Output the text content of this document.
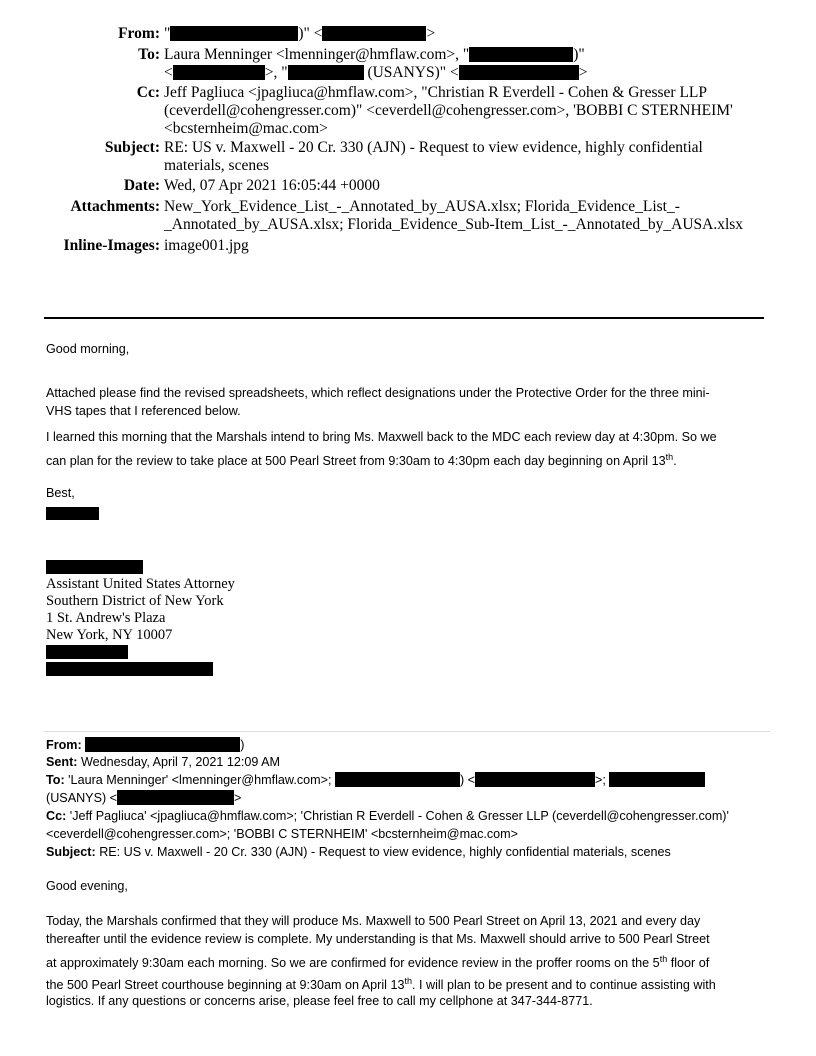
From: "	)" <	>
To: Laura Menninger <lmenninger@hmflaw.com>, "	)"
<	>, "	(USANYS)" <	>
Cc: Jeff Pagliuca <jpagliuca@hmflaw.com>, "Christian R Everdell - Cohen & Gresser LLP
(ceverdell@cohengresser.com)" <ceverdell@cohengresser.com>, 'BOBBI C STERNHEIM'
<bcsternheim@mac.com>
Subject: RE: US v. Maxwell - 20 Cr. 330 (AJN) - Request to view evidence, highly confidential
materials, scenes
Date: Wed, 07 Apr 2021 16:05:44 +0000
Attachments: New_York_Evidence_List_-_Annotated_by_AUSA.xlsx; Florida_Evidence_List_-
_Annotated_by_AUSA.xlsx; Florida_Evidence_Sub-Item_List_-_Annotated_by_AUSA.xlsx
Inline-Images: image001.jpg
Good morning,
Attached please find the revised spreadsheets, which reflect designations under the Protective Order for the three mini-
VHS tapes that I referenced below.
I learned this morning that the Marshals intend to bring Ms. Maxwell back to the MDC each review day at 4:30pm. So we
can plan for the review to take place at 500 Pearl Street from 9:30am to 4:30pm each day beginning on April 13th.
Best,
Assistant United States Attorney
Southern District of New York
1 St. Andrew's Plaza
New York, NY 10007
From:	)
Sent: Wednesday, April 7, 2021 12:09 AM
To: 'Laura Menninger' <lmenninger@hmflaw.com>;	) <	>;
(USANYS) <	>
Cc: 'Jeff Pagliuca' <jpagliuca@hmflaw.com>; 'Christian R Everdell - Cohen & Gresser LLP (ceverdell@cohengresser.com)'
<ceverdell@cohengresser.com>; 'BOBBI C STERNHEIM' <bcsternheim@mac.com>
Subject: RE: US v. Maxwell - 20 Cr. 330 (AJN) - Request to view evidence, highly confidential materials, scenes
Good evening,
Today, the Marshals confirmed that they will produce Ms. Maxwell to 500 Pearl Street on April 13, 2021 and every day
thereafter until the evidence review is complete. My understanding is that Ms. Maxwell should arrive to 500 Pearl Street
at approximately 9:30am each morning. So we are confirmed for evidence review in the proffer rooms on the 5th floor of
the 500 Pearl Street courthouse beginning at 9:30am on April 13th. I will plan to be present and to continue assisting with
logistics. If any questions or concerns arise, please feel free to call my cellphone at 347-344-8771.
